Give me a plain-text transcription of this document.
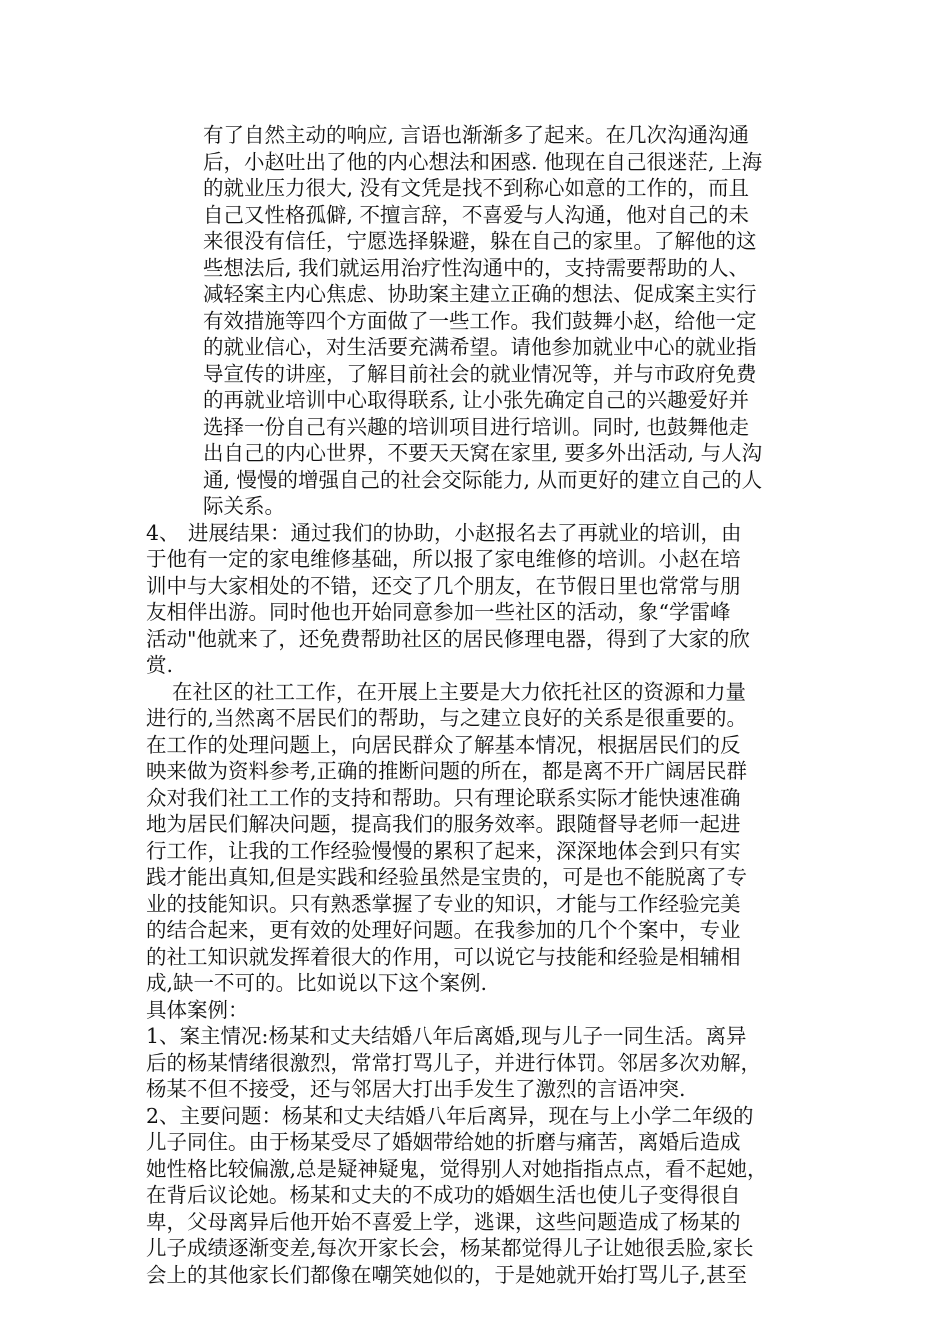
有了自然主动的响应, 言语也渐渐多了起来。在几次沟通沟通
后，小赵吐出了他的内心想法和困惑. 他现在自己很迷茫, 上海
的就业压力很大, 没有文凭是找不到称心如意的工作的，而且
自己又性格孤僻, 不擅言辞，不喜爱与人沟通，他对自己的未
来很没有信任，宁愿选择躲避，躲在自己的家里。了解他的这
些想法后, 我们就运用治疗性沟通中的，支持需要帮助的人、
减轻案主内心焦虑、协助案主建立正确的想法、促成案主实行
有效措施等四个方面做了一些工作。我们鼓舞小赵，给他一定
的就业信心，对生活要充满希望。请他参加就业中心的就业指
导宣传的讲座，了解目前社会的就业情况等，并与市政府免费
的再就业培训中心取得联系, 让小张先确定自己的兴趣爱好并
选择一份自己有兴趣的培训项目进行培训。同时, 也鼓舞他走
出自己的内心世界，不要天天窝在家里, 要多外出活动, 与人沟
通, 慢慢的增强自己的社会交际能力, 从而更好的建立自己的人
际关系。
4、 进展结果：通过我们的协助，小赵报名去了再就业的培训，由
于他有一定的家电维修基础，所以报了家电维修的培训。小赵在培
训中与大家相处的不错，还交了几个朋友，在节假日里也常常与朋
友相伴出游。同时他也开始同意参加一些社区的活动，象“学雷峰
活动"他就来了，还免费帮助社区的居民修理电器，得到了大家的欣
赏.
在社区的社工工作，在开展上主要是大力依托社区的资源和力量
进行的,当然离不居民们的帮助，与之建立良好的关系是很重要的。
在工作的处理问题上，向居民群众了解基本情况，根据居民们的反
映来做为资料参考,正确的推断问题的所在，都是离不开广阔居民群
众对我们社工工作的支持和帮助。只有理论联系实际才能快速准确
地为居民们解决问题，提高我们的服务效率。跟随督导老师一起进
行工作，让我的工作经验慢慢的累积了起来，深深地体会到只有实
践才能出真知,但是实践和经验虽然是宝贵的，可是也不能脱离了专
业的技能知识。只有熟悉掌握了专业的知识，才能与工作经验完美
的结合起来，更有效的处理好问题。在我参加的几个个案中，专业
的社工知识就发挥着很大的作用，可以说它与技能和经验是相辅相
成,缺一不可的。比如说以下这个案例.
具体案例：
1、案主情况:杨某和丈夫结婚八年后离婚,现与儿子一同生活。离异
后的杨某情绪很激烈，常常打骂儿子，并进行体罚。邻居多次劝解，
杨某不但不接受，还与邻居大打出手发生了激烈的言语冲突.
2、主要问题：杨某和丈夫结婚八年后离异，现在与上小学二年级的
儿子同住。由于杨某受尽了婚姻带给她的折磨与痛苦，离婚后造成
她性格比较偏激,总是疑神疑鬼，觉得别人对她指指点点，看不起她，
在背后议论她。杨某和丈夫的不成功的婚姻生活也使儿子变得很自
卑，父母离异后他开始不喜爱上学，逃课，这些问题造成了杨某的
儿子成绩逐渐变差,每次开家长会，杨某都觉得儿子让她很丢脸,家长
会上的其他家长们都像在嘲笑她似的，于是她就开始打骂儿子,甚至
